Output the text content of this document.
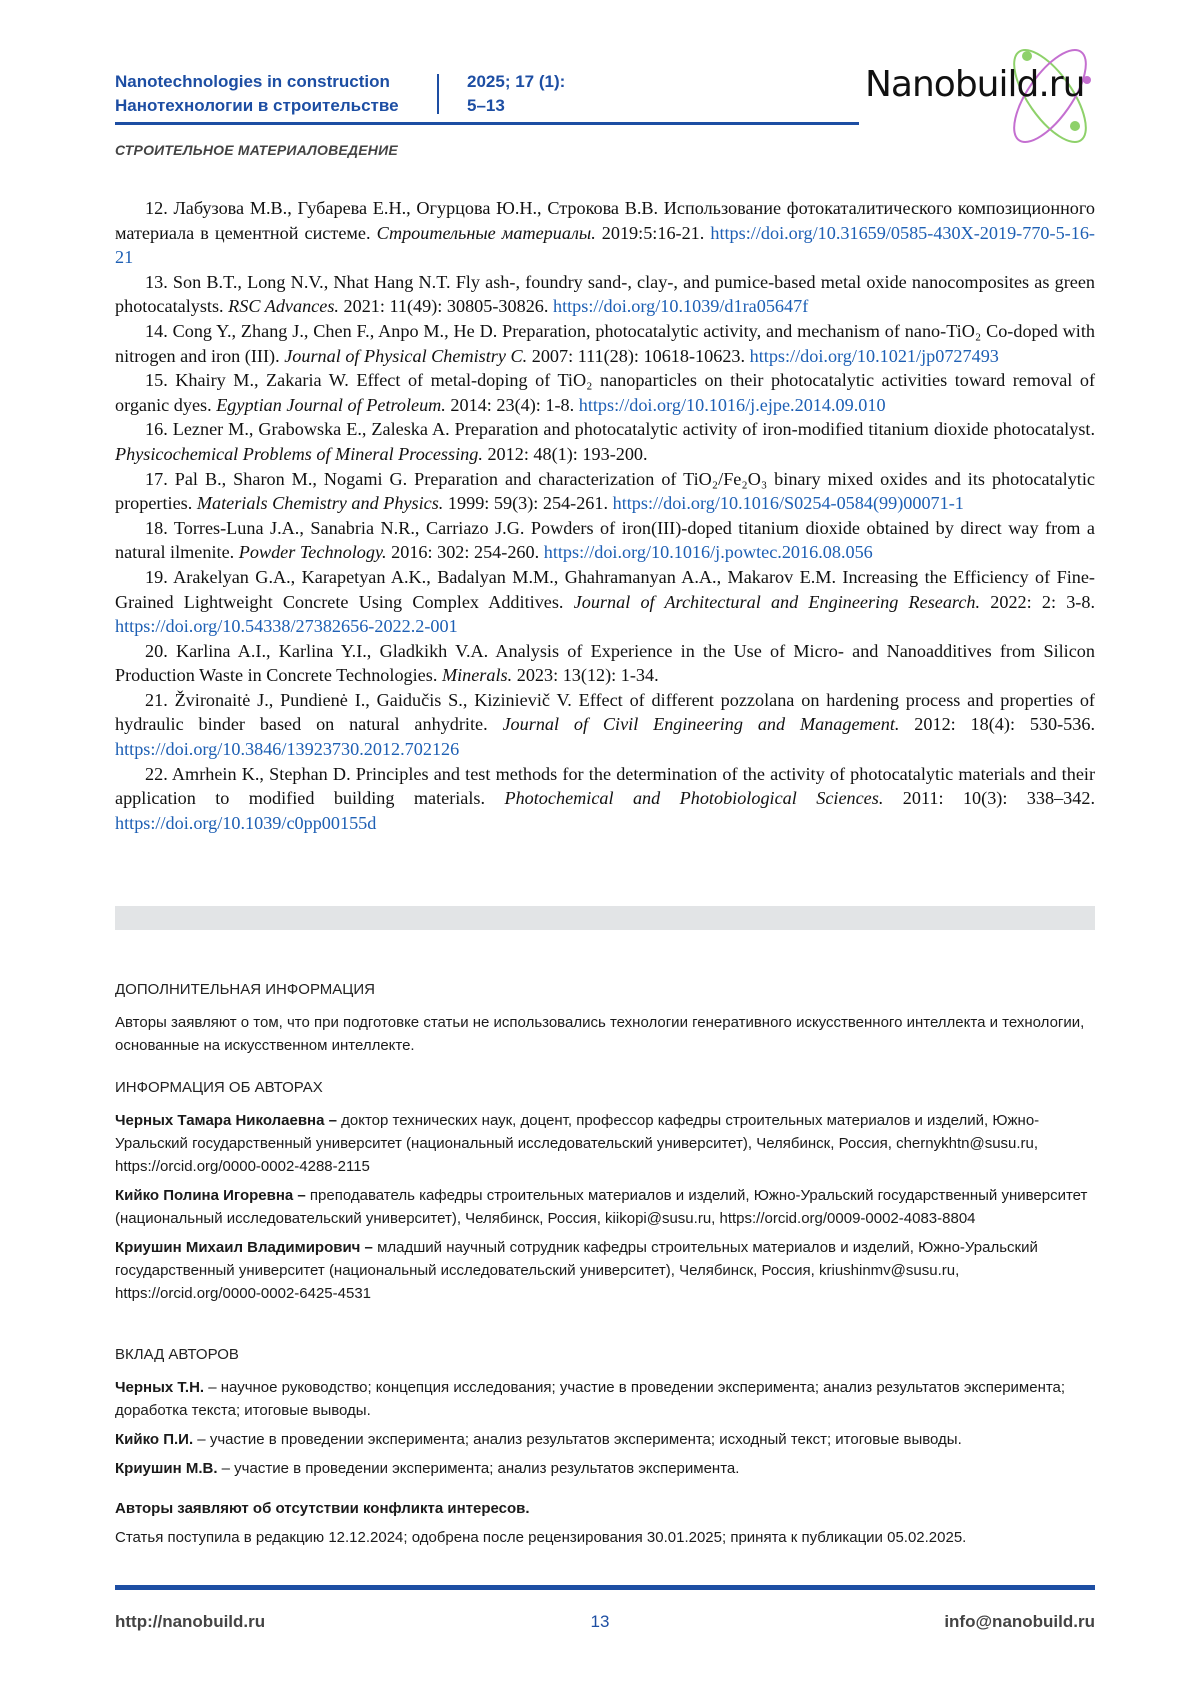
Nanotechnologies in construction
Нанотехнологии в строительстве
2025; 17 (1):
5–13
Nanobuild.ru
СТРОИТЕЛЬНОЕ МАТЕРИАЛОВЕДЕНИЕ

12. Лабузова М.В., Губарева Е.Н., Огурцова Ю.Н., Строкова В.В. Использование фотокаталитического композиционного материала в цементной системе. Строительные материалы. 2019:5:16-21. https://doi.org/10.31659/0585-430X-2019-770-5-16-21

13. Son B.T., Long N.V., Nhat Hang N.T. Fly ash-, foundry sand-, clay-, and pumice-based metal oxide nanocomposites as green photocatalysts. RSC Advances. 2021: 11(49): 30805-30826. https://doi.org/10.1039/d1ra05647f

14. Cong Y., Zhang J., Chen F., Anpo M., He D. Preparation, photocatalytic activity, and mechanism of nano-TiO₂ Co-doped with nitrogen and iron (III). Journal of Physical Chemistry C. 2007: 111(28): 10618-10623. https://doi.org/10.1021/jp0727493

15. Khairy M., Zakaria W. Effect of metal-doping of TiO₂ nanoparticles on their photocatalytic activities toward removal of organic dyes. Egyptian Journal of Petroleum. 2014: 23(4): 1-8. https://doi.org/10.1016/j.ejpe.2014.09.010

16. Lezner M., Grabowska E., Zaleska A. Preparation and photocatalytic activity of iron-modified titanium dioxide photocatalyst. Physicochemical Problems of Mineral Processing. 2012: 48(1): 193-200.

17. Pal B., Sharon M., Nogami G. Preparation and characterization of TiO₂/Fe₂O₃ binary mixed oxides and its photocatalytic properties. Materials Chemistry and Physics. 1999: 59(3): 254-261. https://doi.org/10.1016/S0254-0584(99)00071-1

18. Torres-Luna J.A., Sanabria N.R., Carriazo J.G. Powders of iron(III)-doped titanium dioxide obtained by direct way from a natural ilmenite. Powder Technology. 2016: 302: 254-260. https://doi.org/10.1016/j.powtec.2016.08.056

19. Arakelyan G.A., Karapetyan A.K., Badalyan M.M., Ghahramanyan A.A., Makarov E.M. Increasing the Efficiency of Fine-Grained Lightweight Concrete Using Complex Additives. Journal of Architectural and Engineering Research. 2022: 2: 3-8. https://doi.org/10.54338/27382656-2022.2-001

20. Karlina A.I., Karlina Y.I., Gladkikh V.A. Analysis of Experience in the Use of Micro- and Nanoadditives from Silicon Production Waste in Concrete Technologies. Minerals. 2023: 13(12): 1-34.

21. Žvironaitė J., Pundienė I., Gaidučis S., Kizinievič V. Effect of different pozzolana on hardening process and properties of hydraulic binder based on natural anhydrite. Journal of Civil Engineering and Management. 2012: 18(4): 530-536. https://doi.org/10.3846/13923730.2012.702126

22. Amrhein K., Stephan D. Principles and test methods for the determination of the activity of photocatalytic materials and their application to modified building materials. Photochemical and Photobiological Sciences. 2011: 10(3): 338–342. https://doi.org/10.1039/c0pp00155d

ДОПОЛНИТЕЛЬНАЯ ИНФОРМАЦИЯ

Авторы заявляют о том, что при подготовке статьи не использовались технологии генеративного искусственного интеллекта и технологии, основанные на искусственном интеллекте.

ИНФОРМАЦИЯ ОБ АВТОРАХ

Черных Тамара Николаевна – доктор технических наук, доцент, профессор кафедры строительных материалов и изделий, Южно-Уральский государственный университет (национальный исследовательский университет), Челябинск, Россия, chernykhtn@susu.ru, https://orcid.org/0000-0002-4288-2115

Кийко Полина Игоревна – преподаватель кафедры строительных материалов и изделий, Южно-Уральский государственный университет (национальный исследовательский университет), Челябинск, Россия, kiikopi@susu.ru, https://orcid.org/0009-0002-4083-8804

Криушин Михаил Владимирович – младший научный сотрудник кафедры строительных материалов и изделий, Южно-Уральский государственный университет (национальный исследовательский университет), Челябинск, Россия, kriushinmv@susu.ru, https://orcid.org/0000-0002-6425-4531

ВКЛАД АВТОРОВ

Черных Т.Н. – научное руководство; концепция исследования; участие в проведении эксперимента; анализ результатов эксперимента; доработка текста; итоговые выводы.

Кийко П.И. – участие в проведении эксперимента; анализ результатов эксперимента; исходный текст; итоговые выводы.

Криушин М.В. – участие в проведении эксперимента; анализ результатов эксперимента.

Авторы заявляют об отсутствии конфликта интересов.

Статья поступила в редакцию 12.12.2024; одобрена после рецензирования 30.01.2025; принята к публикации 05.02.2025.

http://nanobuild.ru	13	info@nanobuild.ru
